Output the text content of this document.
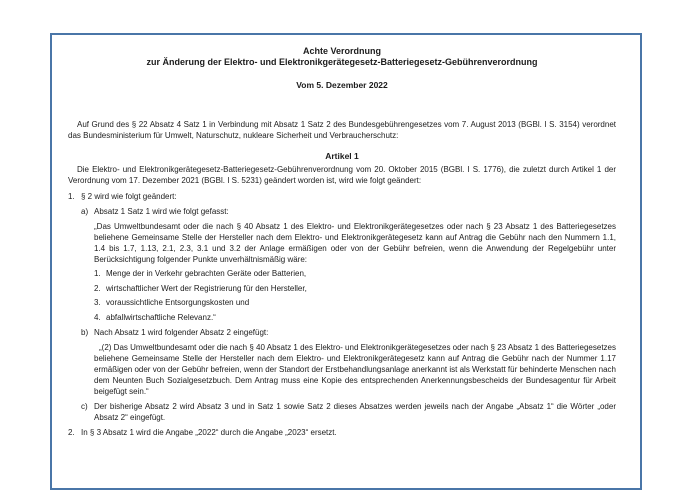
Achte Verordnung
zur Änderung der Elektro- und Elektronikgerätegesetz-Batteriegesetz-Gebührenverordnung
Vom 5. Dezember 2022
Auf Grund des § 22 Absatz 4 Satz 1 in Verbindung mit Absatz 1 Satz 2 des Bundesgebührengesetzes vom 7. August 2013 (BGBl. I S. 3154) verordnet das Bundesministerium für Umwelt, Naturschutz, nukleare Sicherheit und Verbraucherschutz:
Artikel 1
Die Elektro- und Elektronikgerätegesetz-Batteriegesetz-Gebührenverordnung vom 20. Oktober 2015 (BGBl. I S. 1776), die zuletzt durch Artikel 1 der Verordnung vom 17. Dezember 2021 (BGBl. I S. 5231) geändert worden ist, wird wie folgt geändert:
1. § 2 wird wie folgt geändert:
a) Absatz 1 Satz 1 wird wie folgt gefasst:
„Das Umweltbundesamt oder die nach § 40 Absatz 1 des Elektro- und Elektronikgerätegesetzes oder nach § 23 Absatz 1 des Batteriegesetzes beliehene Gemeinsame Stelle der Hersteller nach dem Elektro- und Elektronikgerätegesetz kann auf Antrag die Gebühr nach den Nummern 1.1, 1.4 bis 1.7, 1.13, 2.1, 2.3, 3.1 und 3.2 der Anlage ermäßigen oder von der Gebühr befreien, wenn die Anwendung der Regelgebühr unter Berücksichtigung folgender Punkte unverhältnismäßig wäre:
1. Menge der in Verkehr gebrachten Geräte oder Batterien,
2. wirtschaftlicher Wert der Registrierung für den Hersteller,
3. voraussichtliche Entsorgungskosten und
4. abfallwirtschaftliche Relevanz.“
b) Nach Absatz 1 wird folgender Absatz 2 eingefügt:
„(2) Das Umweltbundesamt oder die nach § 40 Absatz 1 des Elektro- und Elektronikgerätegesetzes oder nach § 23 Absatz 1 des Batteriegesetzes beliehene Gemeinsame Stelle der Hersteller nach dem Elektro- und Elektronikgerätegesetz kann auf Antrag die Gebühr nach der Nummer 1.17 ermäßigen oder von der Gebühr befreien, wenn der Standort der Erstbehandlungsanlage anerkannt ist als Werkstatt für behinderte Menschen nach dem Neunten Buch Sozialgesetzbuch. Dem Antrag muss eine Kopie des entsprechenden Anerkennungsbescheids der Bundesagentur für Arbeit beigefügt sein.“
c) Der bisherige Absatz 2 wird Absatz 3 und in Satz 1 sowie Satz 2 dieses Absatzes werden jeweils nach der Angabe „Absatz 1“ die Wörter „oder Absatz 2“ eingefügt.
2. In § 3 Absatz 1 wird die Angabe „2022“ durch die Angabe „2023“ ersetzt.
